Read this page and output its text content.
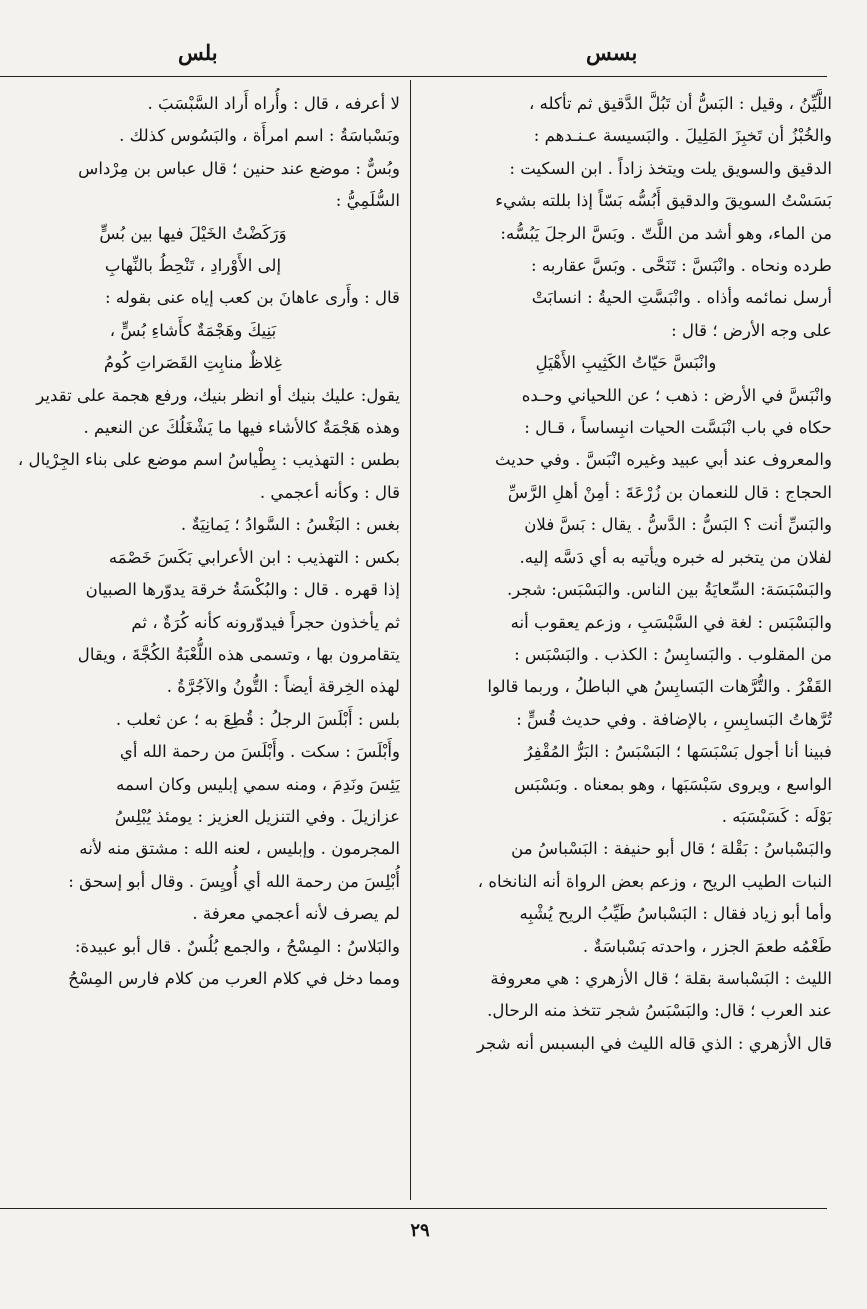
بلس	بسس

اللَّيِّنُ ، وقيل : البَسُّ أن تَبُلَّ الدَّقيق ثم تأكله ،

والخُبْزُ أن تَخبِزَ المَلِيلَ . والبَسيسة عـنـدهم :

الدقيق والسويق يلت ويتخذ زاداً . ابن السكيت :

بَسَسْتُ السويقَ والدقيق أَبُسُّه بَسّاً إذا بللته بشيء

من الماء، وهو أشد من اللَّتّ . وبَسَّ الرجلَ يَبُسُّه:

طرده ونحاه . وانْبَسَّ : تَنَحَّى . وبَسَّ عقاربه :

أرسل نمائمه وأذاه . وانْبَسَّتِ الحيةُ : انسابَتْ

على وجه الأرض ؛ قال :

وانْبَسَّ حَيّاتُ الكَثِيبِ الأَهْيَلِ

وانْبَسَّ في الأرض : ذهب ؛ عن اللحياني وحـده

حكاه في باب انْبَسَّت الحيات انبِساساً ، قـال :

والمعروف عند أبي عبيد وغيره انْبَسَّ . وفي حديث

الحجاج : قال للنعمان بن زُرْعَةَ : أمِنْ أهلِ الرَّسِّ

والبَسِّ أنت ؟ البَسُّ : الدَّسُّ . يقال : بَسَّ فلان

لفلان من يتخبر له خبره ويأتيه به أي دَسَّه إليه.

والبَسْبَسَة: السِّعايَةُ بين الناس. والبَسْبَس: شجر.

والبَسْبَس : لغة في السَّبْسَبِ ، وزعم يعقوب أنه

من المقلوب . والبَسابِسُ : الكذب . والبَسْبَس :

القَفْرُ . والتُّرَّهات البَسابِسُ هي الباطلُ ، وربما قالوا

تُرَّهاتُ البَسابِسِ ، بالإضافة . وفي حديث قُسٍّ :

فبينا أنا أجول بَسْبَسَها ؛ البَسْبَسُ : البَرُّ المُقْفِرُ

الواسع ، ويروى سَبْسَبَها ، وهو بمعناه . وبَسْبَس

بَوْلَه : كَسَبْسَبَه .

والبَسْباسُ : بَقْلة ؛ قال أبو حنيفة : البَسْباسُ من

النبات الطيب الريح ، وزعم بعض الرواة أنه النانخاه ،

وأما أبو زياد فقال : البَسْباسُ طَيِّبُ الريح يُشْبِه

طَعْمُه طعمَ الجزر ، واحدته بَسْباسَةٌ .

الليث : البَسْباسة بقلة ؛ قال الأزهري : هي معروفة

عند العرب ؛ قال: والبَسْبَسُ شجر تتخذ منه الرحال.

قال الأزهري : الذي قاله الليث في البسبس أنه شجر

لا أعرفه ، قال : وأُراه أَراد السَّبْسَبَ .

وبَسْباسَةُ : اسم امرأَة ، والبَسُوس كذلك .

وبُسٌّ : موضع عند حنين ؛ قال عباس بن مِرْداس

السُّلَمِيُّ :

وَرَكَضْتُ الخَيْلَ فيها بين بُسٍّ

إلى الأَوْرادِ ، تَنْحِطُ بالنِّهابِ

قال : وأَرى عاهانَ بن كعب إياه عنى بقوله :

بَنِيكَ وهَجْمَةٌ كأَشاءِ بُسٍّ ،

غِلاظٌ منابِتِ القَصَراتِ كُومُ

يقول: عليك بنيك أو انظر بنيك، ورفع هجمة على تقدير

وهذه هَجْمَةٌ كالأشاء فيها ما يَشْغَلُكَ عن النعيم .

بطس : التهذيب : بِطْياسُ اسم موضع على بناء الجِرْيال ،

قال : وكأنه أعجمي .

بغس : البَغْسُ : السَّوادُ ؛ يَمانِيَةٌ .

بكس : التهذيب : ابن الأعرابي بَكَسَ خَصْمَه

إذا قهره . قال : والبُكْسَةُ خرقة يدوّرها الصبيان

ثم يأخذون حجراً فيدوّرونه كأنه كُرَةٌ ، ثم

يتقامرون بها ، وتسمى هذه اللُّعْبَةُ الكُجَّةَ ، ويقال

لهذه الخِرقة أيضاً : التُّونُ والآجُرَّةُ .

بلس : أَبْلَسَ الرجلُ : قُطِعَ به ؛ عن ثعلب .

وأَبْلَسَ : سكت . وأَبْلَسَ من رحمة الله أي

يَئِسَ ونَدِمَ ، ومنه سمي إبليس وكان اسمه

عزازيلَ . وفي التنزيل العزيز : يومئذ يُبْلِسُ

المجرمون . وإبليس ، لعنه الله : مشتق منه لأنه

أُبْلِسَ من رحمة الله أي أُويِسَ . وقال أبو إسحق :

لم يصرف لأنه أعجمي معرفة .

والبَلاسُ : المِسْحُ ، والجمع بُلُسٌ . قال أبو عبيدة:

ومما دخل في كلام العرب من كلام فارس المِسْحُ

٢٩
